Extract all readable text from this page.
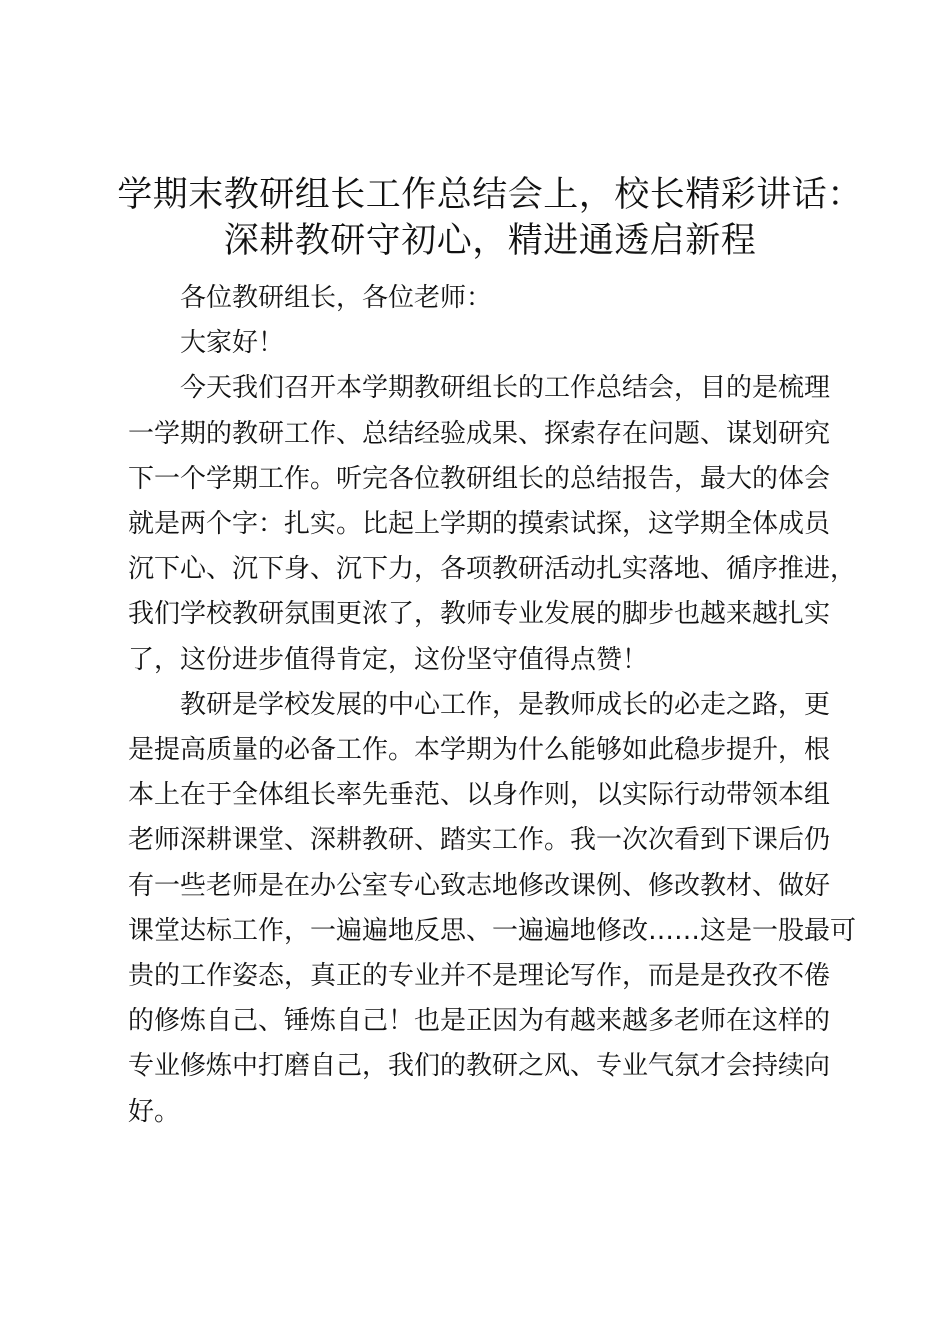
学期末教研组长工作总结会上，校长精彩讲话：
深耕教研守初心，精进通透启新程

各位教研组长，各位老师：

大家好！

今天我们召开本学期教研组长的工作总结会，目的是梳理
一学期的教研工作、总结经验成果、探索存在问题、谋划研究
下一个学期工作。听完各位教研组长的总结报告，最大的体会
就是两个字：扎实。比起上学期的摸索试探，这学期全体成员
沉下心、沉下身、沉下力，各项教研活动扎实落地、循序推进，
我们学校教研氛围更浓了，教师专业发展的脚步也越来越扎实
了，这份进步值得肯定，这份坚守值得点赞！

教研是学校发展的中心工作，是教师成长的必走之路，更
是提高质量的必备工作。本学期为什么能够如此稳步提升，根
本上在于全体组长率先垂范、以身作则，以实际行动带领本组
老师深耕课堂、深耕教研、踏实工作。我一次次看到下课后仍
有一些老师是在办公室专心致志地修改课例、修改教材、做好
课堂达标工作，一遍遍地反思、一遍遍地修改……这是一股最可
贵的工作姿态，真正的专业并不是理论写作，而是是孜孜不倦
的修炼自己、锤炼自己！也是正因为有越来越多老师在这样的
专业修炼中打磨自己，我们的教研之风、专业气氛才会持续向
好。
